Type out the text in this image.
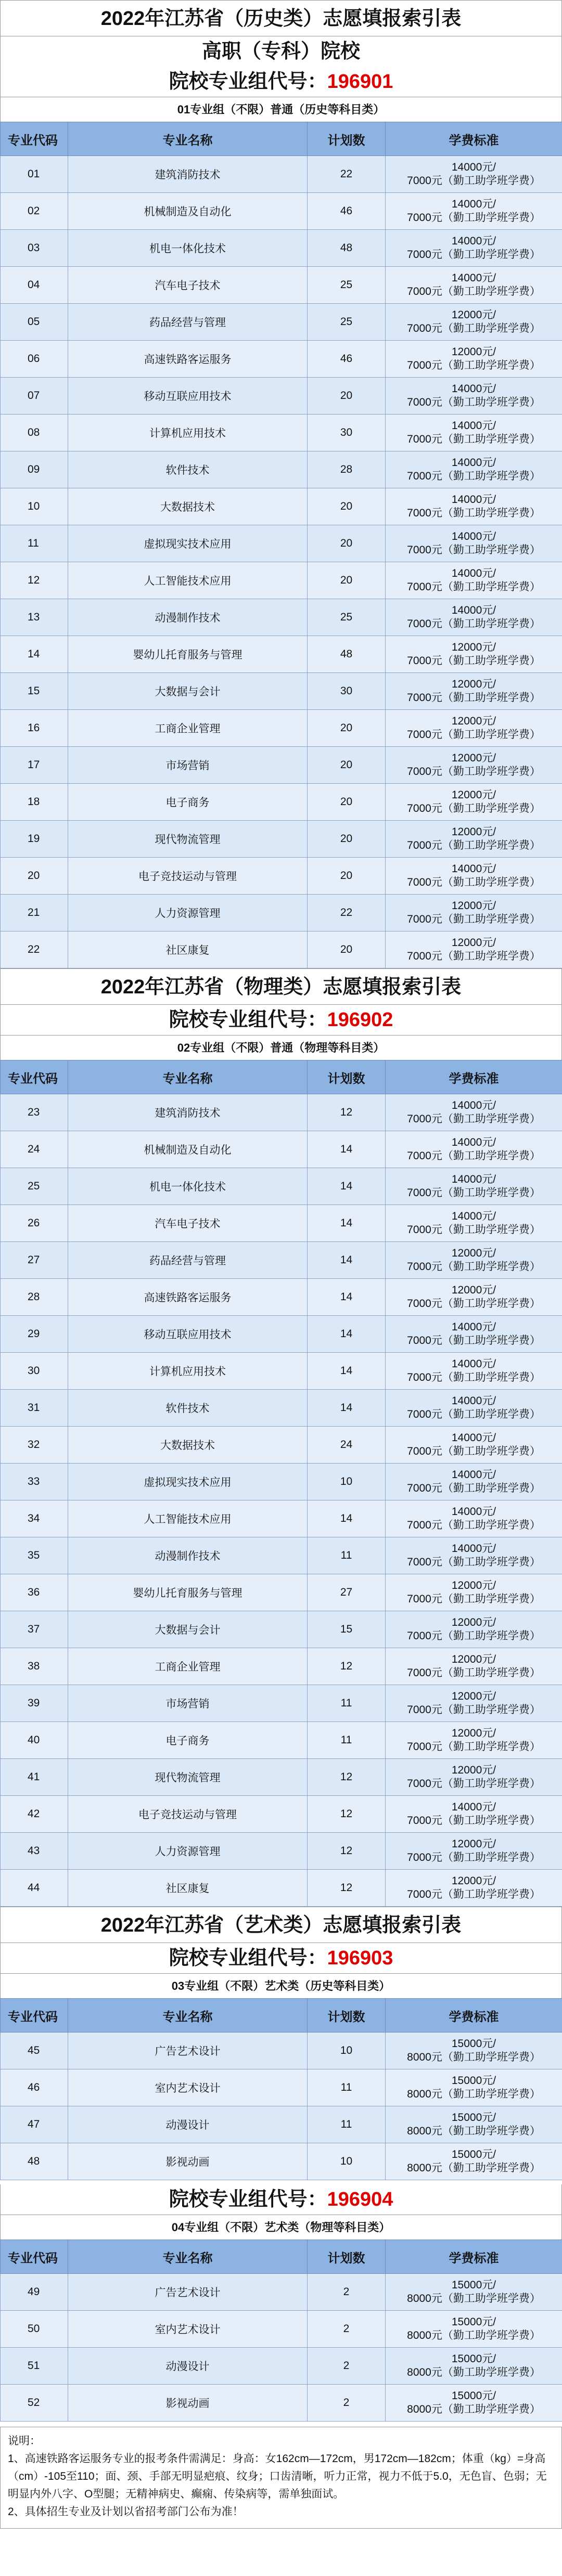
2022年江苏省（历史类）志愿填报索引表
高职（专科）院校
院校专业组代号：196901
01专业组（不限）普通（历史等科目类）
专业代码	专业名称	计划数	学费标准
01	建筑消防技术	22	14000元/
7000元（勤工助学班学费）

02	机械制造及自动化	46	14000元/
7000元（勤工助学班学费）

03	机电一体化技术	48	14000元/
7000元（勤工助学班学费）

04	汽车电子技术	25	14000元/
7000元（勤工助学班学费）

05	药品经营与管理	25	12000元/
7000元（勤工助学班学费）

06	高速铁路客运服务	46	12000元/
7000元（勤工助学班学费）

07	移动互联应用技术	20	14000元/
7000元（勤工助学班学费）

08	计算机应用技术	30	14000元/
7000元（勤工助学班学费）

09	软件技术	28	14000元/
7000元（勤工助学班学费）

10	大数据技术	20	14000元/
7000元（勤工助学班学费）

11	虚拟现实技术应用	20	14000元/
7000元（勤工助学班学费）

12	人工智能技术应用	20	14000元/
7000元（勤工助学班学费）

13	动漫制作技术	25	14000元/
7000元（勤工助学班学费）

14	婴幼儿托育服务与管理	48	12000元/
7000元（勤工助学班学费）

15	大数据与会计	30	12000元/
7000元（勤工助学班学费）

16	工商企业管理	20	12000元/
7000元（勤工助学班学费）

17	市场营销	20	12000元/
7000元（勤工助学班学费）

18	电子商务	20	12000元/
7000元（勤工助学班学费）

19	现代物流管理	20	12000元/
7000元（勤工助学班学费）

20	电子竞技运动与管理	20	14000元/
7000元（勤工助学班学费）

21	人力资源管理	22	12000元/
7000元（勤工助学班学费）

22	社区康复	20	12000元/
7000元（勤工助学班学费）
2022年江苏省（物理类）志愿填报索引表
院校专业组代号：196902
02专业组（不限）普通（物理等科目类）
专业代码	专业名称	计划数	学费标准
23	建筑消防技术	12	14000元/
7000元（勤工助学班学费）

24	机械制造及自动化	14	14000元/
7000元（勤工助学班学费）

25	机电一体化技术	14	14000元/
7000元（勤工助学班学费）

26	汽车电子技术	14	14000元/
7000元（勤工助学班学费）

27	药品经营与管理	14	12000元/
7000元（勤工助学班学费）

28	高速铁路客运服务	14	12000元/
7000元（勤工助学班学费）

29	移动互联应用技术	14	14000元/
7000元（勤工助学班学费）

30	计算机应用技术	14	14000元/
7000元（勤工助学班学费）

31	软件技术	14	14000元/
7000元（勤工助学班学费）

32	大数据技术	24	14000元/
7000元（勤工助学班学费）

33	虚拟现实技术应用	10	14000元/
7000元（勤工助学班学费）

34	人工智能技术应用	14	14000元/
7000元（勤工助学班学费）

35	动漫制作技术	11	14000元/
7000元（勤工助学班学费）

36	婴幼儿托育服务与管理	27	12000元/
7000元（勤工助学班学费）

37	大数据与会计	15	12000元/
7000元（勤工助学班学费）

38	工商企业管理	12	12000元/
7000元（勤工助学班学费）

39	市场营销	11	12000元/
7000元（勤工助学班学费）

40	电子商务	11	12000元/
7000元（勤工助学班学费）

41	现代物流管理	12	12000元/
7000元（勤工助学班学费）

42	电子竞技运动与管理	12	14000元/
7000元（勤工助学班学费）

43	人力资源管理	12	12000元/
7000元（勤工助学班学费）

44	社区康复	12	12000元/
7000元（勤工助学班学费）
2022年江苏省（艺术类）志愿填报索引表
院校专业组代号：196903
03专业组（不限）艺术类（历史等科目类）
专业代码	专业名称	计划数	学费标准
45	广告艺术设计	10	15000元/
8000元（勤工助学班学费）

46	室内艺术设计	11	15000元/
8000元（勤工助学班学费）

47	动漫设计	11	15000元/
8000元（勤工助学班学费）

48	影视动画	10	15000元/
8000元（勤工助学班学费）
院校专业组代号：196904
04专业组（不限）艺术类（物理等科目类）
专业代码	专业名称	计划数	学费标准
49	广告艺术设计	2	15000元/
8000元（勤工助学班学费）

50	室内艺术设计	2	15000元/
8000元（勤工助学班学费）

51	动漫设计	2	15000元/
8000元（勤工助学班学费）

52	影视动画	2	15000元/
8000元（勤工助学班学费）

说明：

1、高速铁路客运服务专业的报考条件需满足：身高：女162cm—172cm，男172cm—182cm；体重（kg）=身高（cm）-105至110；面、颈、手部无明显疤痕、纹身；口齿清晰，听力正常，视力不低于5.0，无色盲、色弱；无明显内外八字、O型腿；无精神病史、癫痫、传染病等，需单独面试。

2、具体招生专业及计划以省招考部门公布为准！
